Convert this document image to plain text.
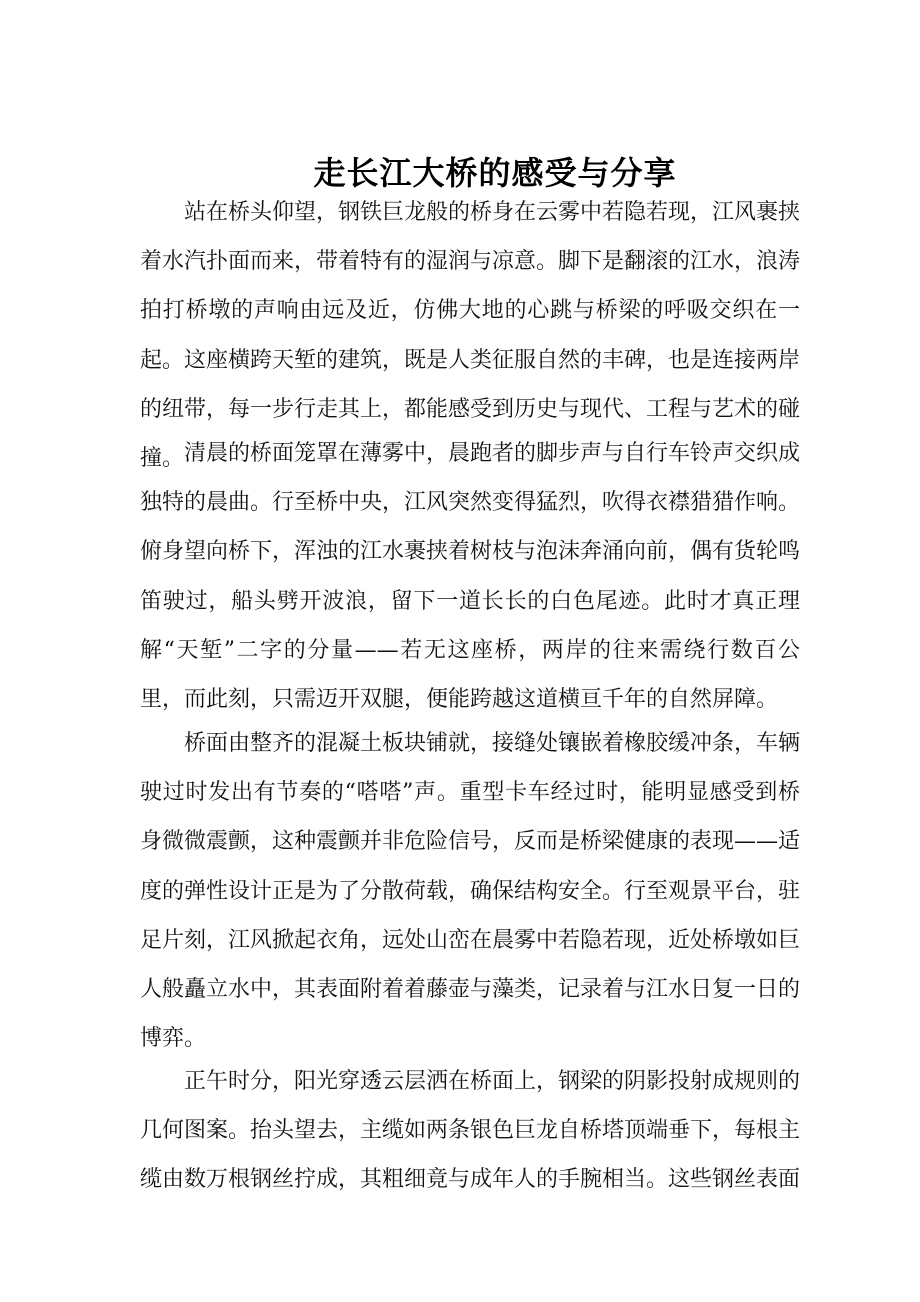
走长江大桥的感受与分享

站在桥头仰望，钢铁巨龙般的桥身在云雾中若隐若现，江风裹挟着水汽扑面而来，带着特有的湿润与凉意。脚下是翻滚的江水，浪涛拍打桥墩的声响由远及近，仿佛大地的心跳与桥梁的呼吸交织在一起。这座横跨天堑的建筑，既是人类征服自然的丰碑，也是连接两岸的纽带，每一步行走其上，都能感受到历史与现代、工程与艺术的碰撞。 清晨的桥面笼罩在薄雾中，晨跑者的脚步声与自行车铃声交织成独特的晨曲。行至桥中央，江风突然变得猛烈，吹得衣襟猎猎作响。俯身望向桥下，浑浊的江水裹挟着树枝与泡沫奔涌向前，偶有货轮鸣笛驶过，船头劈开波浪，留下一道长长的白色尾迹。此时才真正理解“天堑”二字的分量——若无这座桥，两岸的往来需绕行数百公里，而此刻，只需迈开双腿，便能跨越这道横亘千年的自然屏障。

桥面由整齐的混凝土板块铺就，接缝处镶嵌着橡胶缓冲条，车辆驶过时发出有节奏的“嗒嗒”声。重型卡车经过时，能明显感受到桥身微微震颤，这种震颤并非危险信号，反而是桥梁健康的表现——适度的弹性设计正是为了分散荷载，确保结构安全。行至观景平台，驻足片刻，江风掀起衣角，远处山峦在晨雾中若隐若现，近处桥墩如巨人般矗立水中，其表面附着着藤壶与藻类，记录着与江水日复一日的博弈。

正午时分，阳光穿透云层洒在桥面上，钢梁的阴影投射成规则的几何图案。抬头望去，主缆如两条银色巨龙自桥塔顶端垂下，每根主缆由数万根钢丝拧成，其粗细竟与成年人的手腕相当。这些钢丝表面
